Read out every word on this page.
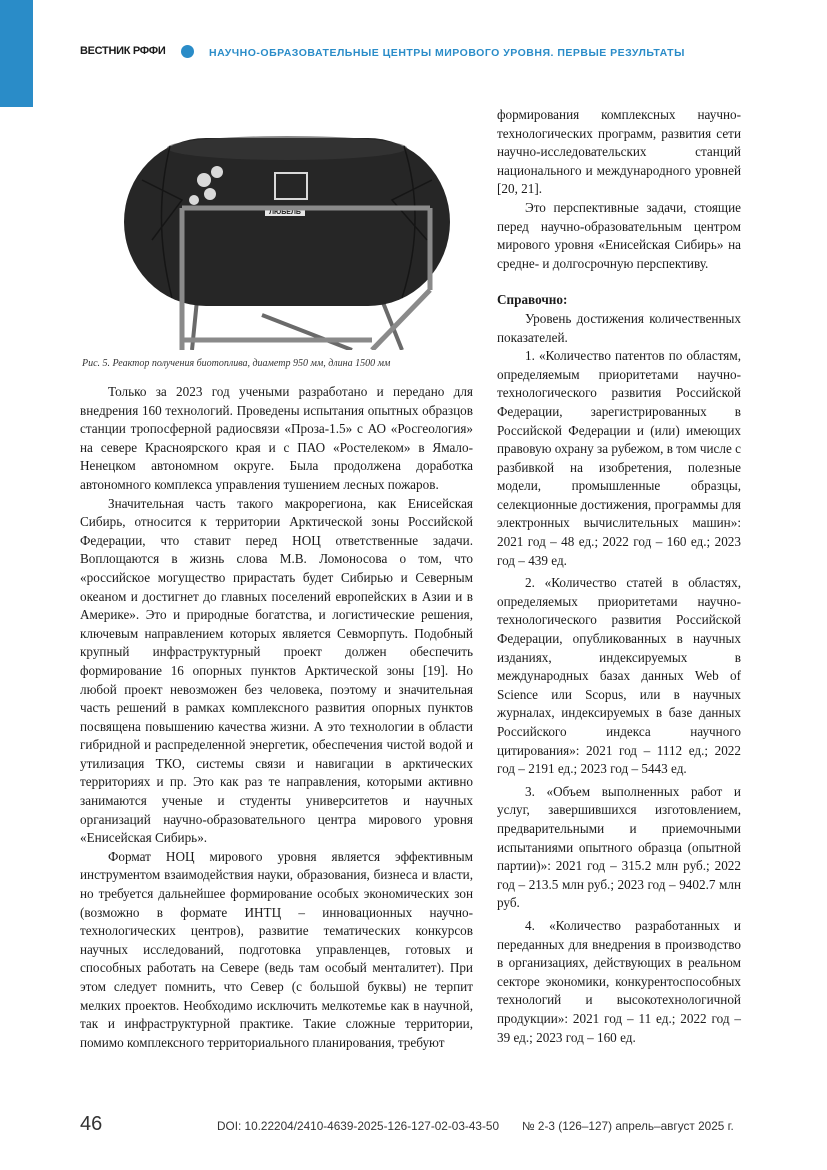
ВЕСТНИК РФФИ	НАУЧНО-ОБРАЗОВАТЕЛЬНЫЕ ЦЕНТРЫ МИРОВОГО УРОВНЯ. ПЕРВЫЕ РЕЗУЛЬТАТЫ
ЛЮБЕЛЬ
Рис. 5. Реактор получения биотоплива, диаметр 950 мм, длина 1500 мм

Только за 2023 год учеными разработано и передано для внедрения 160 технологий. Проведены испытания опытных образцов станции тропосферной радиосвязи «Проза-1.5» с АО «Росгеология» на севере Красноярского края и с ПАО «Ростелеком» в Ямало-Ненецком автономном округе. Была продолжена доработка автономного комплекса управления тушением лесных пожаров.

Значительная часть такого макрорегиона, как Енисейская Сибирь, относится к территории Арктической зоны Российской Федерации, что ставит перед НОЦ ответственные задачи. Воплощаются в жизнь слова М.В. Ломоносова о том, что «российское могущество прирастать будет Сибирью и Северным океаном и достигнет до главных поселений европейских в Азии и в Америке». Это и природные богатства, и логистические решения, ключевым направлением которых является Севморпуть. Подобный крупный инфраструктурный проект должен обеспечить формирование 16 опорных пунктов Арктической зоны [19]. Но любой проект невозможен без человека, поэтому и значительная часть решений в рамках комплексного развития опорных пунктов посвящена повышению качества жизни. А это технологии в области гибридной и распределенной энергетик, обеспечения чистой водой и утилизация ТКО, системы связи и навигации в арктических территориях и пр. Это как раз те направления, которыми активно занимаются ученые и студенты университетов и научных организаций научно-образовательного центра мирового уровня «Енисейская Сибирь».

Формат НОЦ мирового уровня является эффективным инструментом взаимодействия науки, образования, бизнеса и власти, но требуется дальнейшее формирование особых экономических зон (возможно в формате ИНТЦ – инновационных научно-технологических центров), развитие тематических конкурсов научных исследований, подготовка управленцев, готовых и способных работать на Севере (ведь там особый менталитет). При этом следует помнить, что Север (с большой буквы) не терпит мелких проектов. Необходимо исключить мелкотемье как в научной, так и инфраструктурной практике. Такие сложные территории, помимо комплексного территориального планирования, требуют

формирования комплексных научно-технологических программ, развития сети научно-исследовательских станций национального и международного уровней [20, 21].

Это перспективные задачи, стоящие перед научно-образовательным центром мирового уровня «Енисейская Сибирь» на средне- и долгосрочную перспективу.

Справочно:

Уровень достижения количественных показателей.

1. «Количество патентов по областям, определяемым приоритетами научно-технологического развития Российской Федерации, зарегистрированных в Российской Федерации и (или) имеющих правовую охрану за рубежом, в том числе с разбивкой на изобретения, полезные модели, промышленные образцы, селекционные достижения, программы для электронных вычислительных машин»: 2021 год – 48 ед.; 2022 год – 160 ед.; 2023 год – 439 ед.

2. «Количество статей в областях, определяемых приоритетами научно-технологического развития Российской Федерации, опубликованных в научных изданиях, индексируемых в международных базах данных Web of Science или Scopus, или в научных журналах, индексируемых в базе данных Российского индекса научного цитирования»: 2021 год – 1112 ед.; 2022 год – 2191 ед.; 2023 год – 5443 ед.

3. «Объем выполненных работ и услуг, завершившихся изготовлением, предварительными и приемочными испытаниями опытного образца (опытной партии)»: 2021 год – 315.2 млн руб.; 2022 год – 213.5 млн руб.; 2023 год – 9402.7 млн руб.

4. «Количество разработанных и переданных для внедрения в производство в организациях, действующих в реальном секторе экономики, конкурентоспособных технологий и высокотехнологичной продукции»: 2021 год – 11 ед.; 2022 год – 39 ед.; 2023 год – 160 ед.

46	DOI: 10.22204/2410-4639-2025-126-127-02-03-43-50 № 2-3 (126–127) апрель–август 2025 г.
